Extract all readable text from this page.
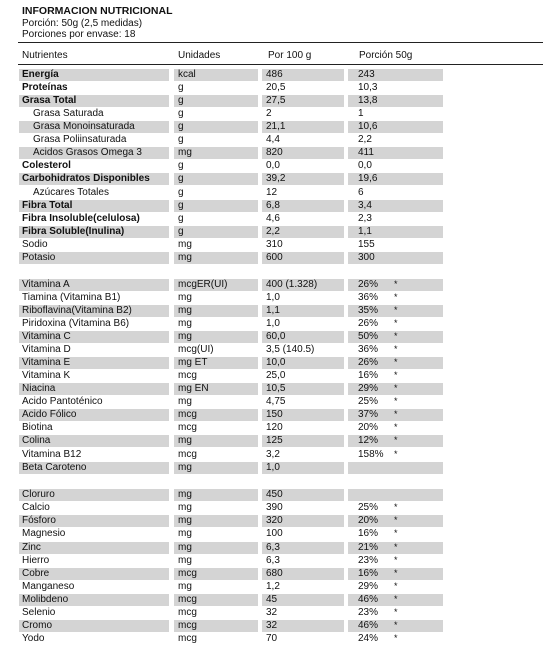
INFORMACION NUTRICIONAL
Porción: 50g (2,5 medidas)
Porciones por envase: 18
Nutrientes	Unidades	Por 100 g	Porción 50g
Energía	kcal	486	243
Proteínas	g	20,5	10,3
Grasa Total	g	27,5	13,8
Grasa Saturada	g	2	1
Grasa Monoinsaturada	g	21,1	10,6
Grasa Poliinsaturada	g	4,4	2,2
Acidos Grasos Omega 3	mg	820	411
Colesterol	g	0,0	0,0
Carbohidratos Disponibles	g	39,2	19,6
Azúcares Totales	g	12	6
Fibra Total	g	6,8	3,4
Fibra Insoluble(celulosa)	g	4,6	2,3
Fibra Soluble(Inulina)	g	2,2	1,1
Sodio	mg	310	155
Potasio	mg	600	300
Vitamina A	mcgER(UI)	400 (1.328)	26%	*
Tiamina (Vitamina B1)	mg	1,0	36%	*
Riboflavina(Vitamina B2)	mg	1,1	35%	*
Piridoxina (Vitamina B6)	mg	1,0	26%	*
Vitamina C	mg	60,0	50%	*
Vitamina D	mcg(UI)	3,5 (140.5)	36%	*
Vitamina E	mg ET	10,0	26%	*
Vitamina K	mcg	25,0	16%	*
Niacina	mg EN	10,5	29%	*
Acido Pantoténico	mg	4,75	25%	*
Acido Fólico	mcg	150	37%	*
Biotina	mcg	120	20%	*
Colina	mg	125	12%	*
Vitamina B12	mcg	3,2	158%	*
Beta Caroteno	mg	1,0
Cloruro	mg	450
Calcio	mg	390	25%	*
Fósforo	mg	320	20%	*
Magnesio	mg	100	16%	*
Zinc	mg	6,3	21%	*
Hierro	mg	6,3	23%	*
Cobre	mcg	680	16%	*
Manganeso	mg	1,2	29%	*
Molibdeno	mcg	45	46%	*
Selenio	mcg	32	23%	*
Cromo	mcg	32	46%	*
Yodo	mcg	70	24%	*
